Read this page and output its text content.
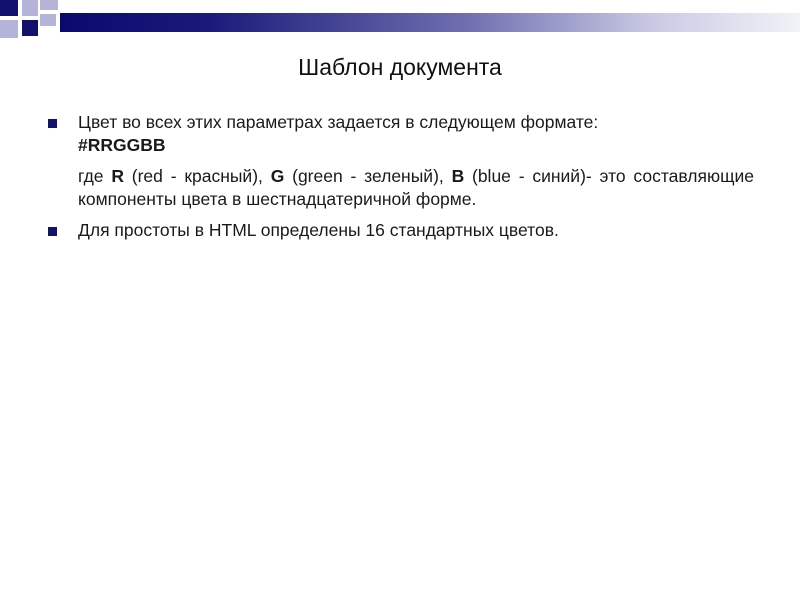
Шаблон документа
Цвет во всех этих параметрах задается в следующем формате:
#RRGGBB
где R (red - красный), G (green - зеленый), B (blue - синий)- это составляющие компоненты цвета в шестнадцатеричной форме.
Для простоты в HTML определены 16 стандартных цветов.
